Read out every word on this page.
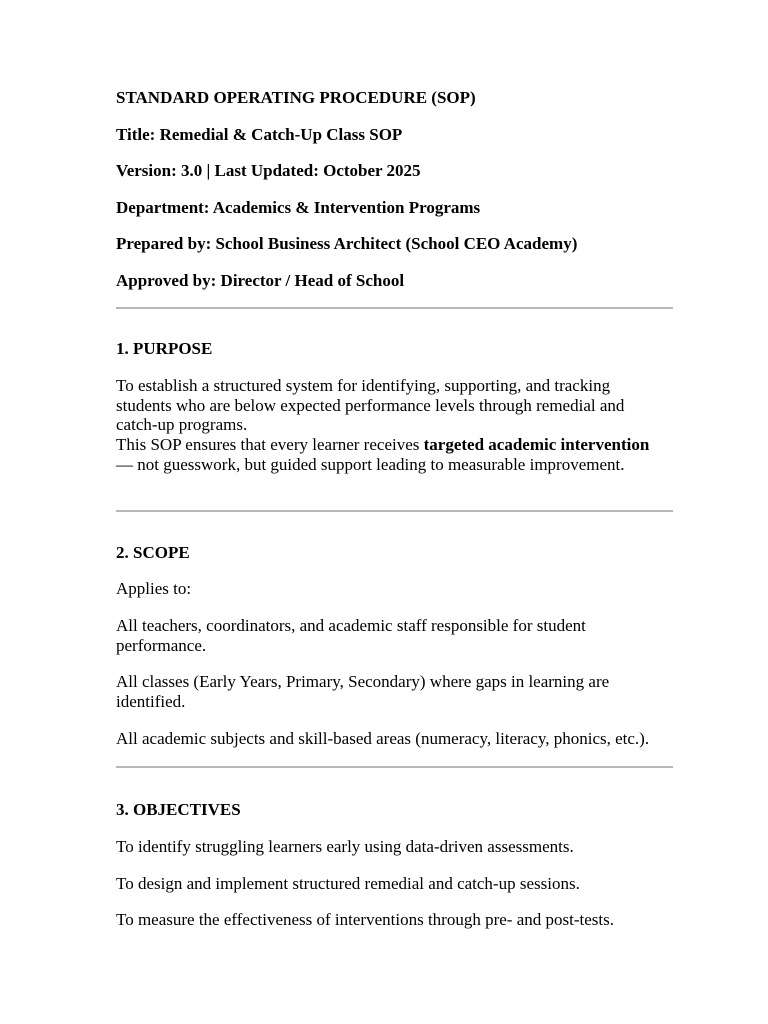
STANDARD OPERATING PROCEDURE (SOP)
Title: Remedial & Catch-Up Class SOP
Version: 3.0 | Last Updated: October 2025
Department: Academics & Intervention Programs
Prepared by: School Business Architect (School CEO Academy)
Approved by: Director / Head of School
1. PURPOSE
To establish a structured system for identifying, supporting, and tracking students who are below expected performance levels through remedial and catch-up programs.
This SOP ensures that every learner receives targeted academic intervention — not guesswork, but guided support leading to measurable improvement.
2. SCOPE
Applies to:
All teachers, coordinators, and academic staff responsible for student performance.
All classes (Early Years, Primary, Secondary) where gaps in learning are identified.
All academic subjects and skill-based areas (numeracy, literacy, phonics, etc.).
3. OBJECTIVES
To identify struggling learners early using data-driven assessments.
To design and implement structured remedial and catch-up sessions.
To measure the effectiveness of interventions through pre- and post-tests.
